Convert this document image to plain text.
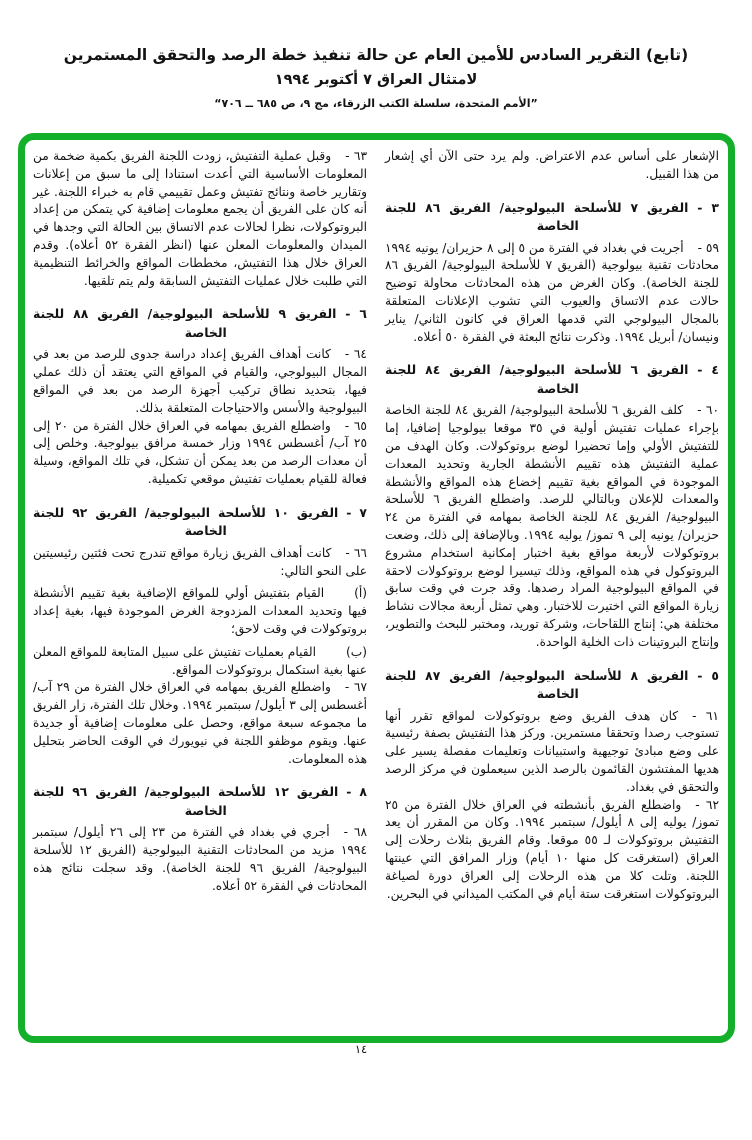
(تابع) التقرير السادس للأمين العام عن حالة تنفيذ خطة الرصد والتحقق المستمرين
لامتثال العراق ٧ أكتوبر ١٩٩٤
”الأمم المتحدة، سلسلة الكتب الزرقاء، مج ٩، ص ٦٨٥ ــ ٧٠٦“

الإشعار على أساس عدم الاعتراض. ولم يرد حتى الآن أي إشعار من هذا القبيل.

٣ - الفريق ٧ للأسلحة البيولوجية/ الفريق ٨٦ للجنة
الخاصة

٥٩ -أجريت في بغداد في الفترة من ٥ إلى ٨ حزيران/ يونيه ١٩٩٤ محادثات تقنية بيولوجية (الفريق ٧ للأسلحة البيولوجية/ الفريق ٨٦ للجنة الخاصة). وكان الغرض من هذه المحادثات محاولة توضيح حالات عدم الاتساق والعيوب التي تشوب الإعلانات المتعلقة بالمجال البيولوجي التي قدمها العراق في كانون الثاني/ يناير ونيسان/ أبريل ١٩٩٤. وذكرت نتائج البعثة في الفقرة ٥٠ أعلاه.

٤ - الفريق ٦ للأسلحة البيولوجية/ الفريق ٨٤ للجنة
الخاصة

٦٠ -كلف الفريق ٦ للأسلحة البيولوجية/ الفريق ٨٤ للجنة الخاصة بإجراء عمليات تفتيش أولية في ٣٥ موقعا بيولوجيا إضافيا، إما للتفتيش الأولي وإما تحضيرا لوضع بروتوكولات. وكان الهدف من عملية التفتيش هذه تقييم الأنشطة الجارية وتحديد المعدات الموجودة في المواقع بغية تقييم إخضاع هذه المواقع والأنشطة والمعدات للإعلان وبالتالي للرصد. واضطلع الفريق ٦ للأسلحة البيولوجية/ الفريق ٨٤ للجنة الخاصة بمهامه في الفترة من ٢٤ حزيران/ يونيه إلى ٩ تموز/ يوليه ١٩٩٤. وبالإضافة إلى ذلك، وضعت بروتوكولات لأربعة مواقع بغية اختبار إمكانية استخدام مشروع البروتوكول في هذه المواقع، وذلك تيسيرا لوضع بروتوكولات لاحقة في المواقع البيولوجية المراد رصدها. وقد جرت في وقت سابق زيارة المواقع التي اختيرت للاختبار. وهي تمثل أربعة مجالات نشاط مختلفة هي: إنتاج اللقاحات، وشركة توريد، ومختبر للبحث والتطوير، وإنتاج البروتينات ذات الخلية الواحدة.

٥ - الفريق ٨ للأسلحة البيولوجية/ الفريق ٨٧ للجنة
الخاصة

٦١ -كان هدف الفريق وضع بروتوكولات لمواقع تقرر أنها تستوجب رصدا وتحققا مستمرين. وركز هذا التفتيش بصفة رئيسية على وضع مبادئ توجيهية واستبيانات وتعليمات مفصلة يسير على هديها المفتشون القائمون بالرصد الذين سيعملون في مركز الرصد والتحقق في بغداد.

٦٢ -واضطلع الفريق بأنشطته في العراق خلال الفترة من ٢٥ تموز/ يوليه إلى ٨ أيلول/ سبتمبر ١٩٩٤. وكان من المقرر أن يعد التفتيش بروتوكولات لـ ٥٥ موقعا. وقام الفريق بثلاث رحلات إلى العراق (استغرقت كل منها ١٠ أيام) وزار المرافق التي عينتها اللجنة. وتلت كلا من هذه الرحلات إلى العراق دورة لصياغة البروتوكولات استغرقت ستة أيام في المكتب الميداني في البحرين.

٦٣ -وقبل عملية التفتيش، زودت اللجنة الفريق بكمية ضخمة من المعلومات الأساسية التي أعدت استنادا إلى ما سبق من إعلانات وتقارير خاصة ونتائج تفتيش وعمل تقييمي قام به خبراء اللجنة. غير أنه كان على الفريق أن يجمع معلومات إضافية كي يتمكن من إعداد البروتوكولات، نظرا لحالات عدم الاتساق بين الحالة التي وجدها في الميدان والمعلومات المعلن عنها (انظر الفقرة ٥٢ أعلاه). وقدم العراق خلال هذا التفتيش، مخططات المواقع والخرائط التنظيمية التي طلبت خلال عمليات التفتيش السابقة ولم يتم تلقيها.

٦ - الفريق ٩ للأسلحة البيولوجية/ الفريق ٨٨ للجنة
الخاصة

٦٤ -كانت أهداف الفريق إعداد دراسة جدوى للرصد من بعد في المجال البيولوجي، والقيام في المواقع التي يعتقد أن ذلك عملي فيها، بتحديد نطاق تركيب أجهزة الرصد من بعد في المواقع البيولوجية والأسس والاحتياجات المتعلقة بذلك.

٦٥ -واضطلع الفريق بمهامه في العراق خلال الفترة من ٢٠ إلى ٢٥ آب/ أغسطس ١٩٩٤ وزار خمسة مرافق بيولوجية. وخلص إلى أن معدات الرصد من بعد يمكن أن تشكل، في تلك المواقع، وسيلة فعالة للقيام بعمليات تفتيش موقعي تكميلية.

٧ - الفريق ١٠ للأسلحة البيولوجية/ الفريق ٩٢ للجنة
الخاصة

٦٦ -كانت أهداف الفريق زيارة مواقع تندرج تحت فئتين رئيسيتين على النحو التالي:

(أ)القيام بتفتيش أولي للمواقع الإضافية بغية تقييم الأنشطة فيها وتحديد المعدات المزدوجة الغرض الموجودة فيها، بغية إعداد بروتوكولات في وقت لاحق؛

(ب)القيام بعمليات تفتيش على سبيل المتابعة للمواقع المعلن عنها بغية استكمال بروتوكولات المواقع.

٦٧ -واضطلع الفريق بمهامه في العراق خلال الفترة من ٢٩ آب/ أغسطس إلى ٣ أيلول/ سبتمبر ١٩٩٤. وخلال تلك الفترة، زار الفريق ما مجموعه سبعة مواقع، وحصل على معلومات إضافية أو جديدة عنها. ويقوم موظفو اللجنة في نيويورك في الوقت الحاضر بتحليل هذه المعلومات.

٨ - الفريق ١٢ للأسلحة البيولوجية/ الفريق ٩٦ للجنة
الخاصة

٦٨ -أجري في بغداد في الفترة من ٢٣ إلى ٢٦ أيلول/ سبتمبر ١٩٩٤ مزيد من المحادثات التقنية البيولوجية (الفريق ١٢ للأسلحة البيولوجية/ الفريق ٩٦ للجنة الخاصة). وقد سجلت نتائج هذه المحادثات في الفقرة ٥٢ أعلاه.

١٤
